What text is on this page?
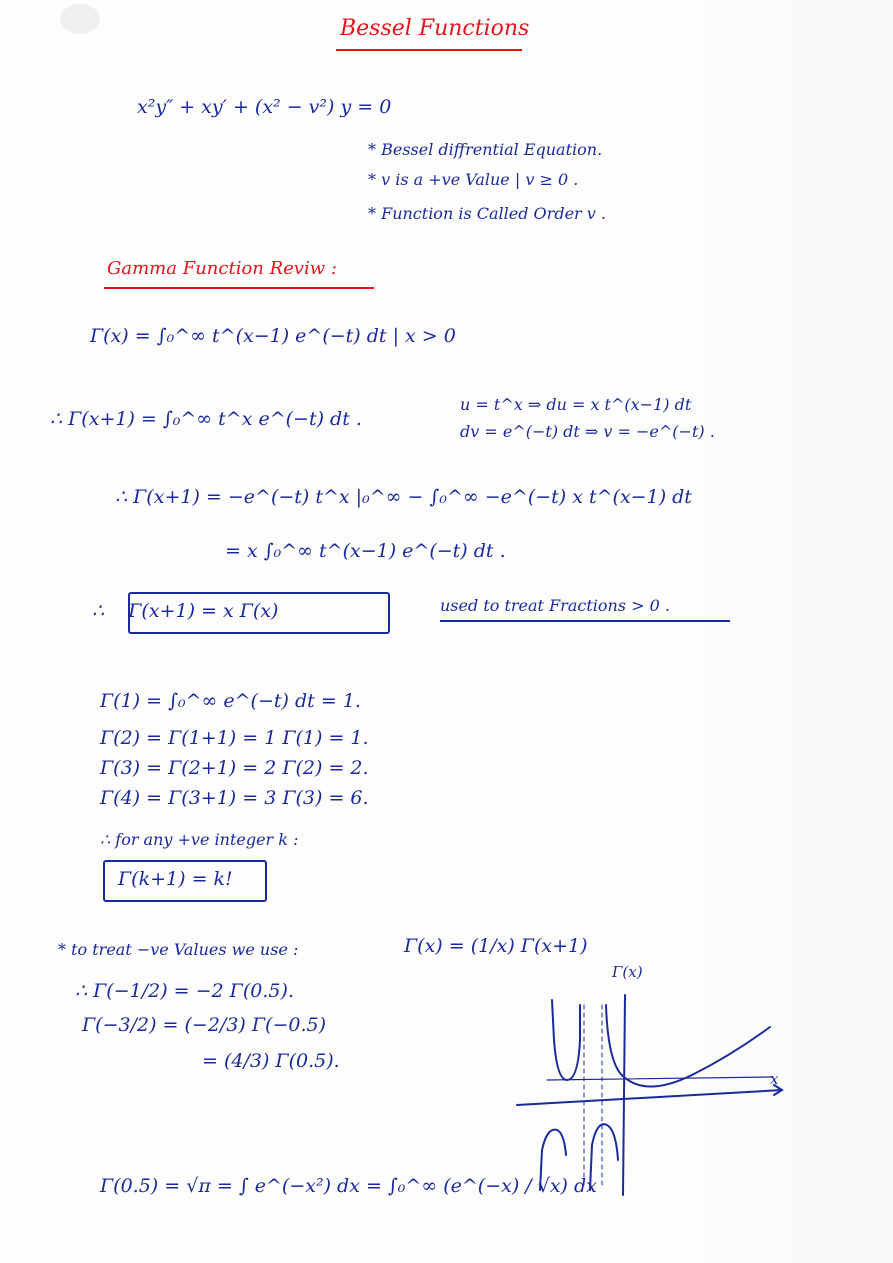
Bessel Functions
x²y″ + xy′ + (x² − v²) y = 0
* Bessel diffrential Equation.
* v is a +ve Value | v ≥ 0 .
* Function is Called Order v .
Gamma Function Reviw :
Γ(x) = ∫₀^∞ t^(x−1) e^(−t) dt | x > 0
∴ Γ(x+1) = ∫₀^∞ t^x e^(−t) dt .
u = t^x ⇒ du = x t^(x−1) dt
dv = e^(−t) dt ⇒ v = −e^(−t) .
∴ Γ(x+1) = −e^(−t) t^x |₀^∞ − ∫₀^∞ −e^(−t) x t^(x−1) dt
= x ∫₀^∞ t^(x−1) e^(−t) dt .
∴    Γ(x+1) = x Γ(x)	used to treat Fractions > 0 .
Γ(1) = ∫₀^∞ e^(−t) dt = 1.
Γ(2) = Γ(1+1) = 1 Γ(1) = 1.
Γ(3) = Γ(2+1) = 2 Γ(2) = 2.
Γ(4) = Γ(3+1) = 3 Γ(3) = 6.
∴ for any +ve integer k :
Γ(k+1) = k!
* to treat −ve Values we use :	Γ(x) = (1/x) Γ(x+1)
∴ Γ(−1/2) = −2 Γ(0.5).
Γ(−3/2) = (−2/3) Γ(−0.5)
= (4/3) Γ(0.5).
Γ(0.5) = √π = ∫ e^(−x²) dx = ∫₀^∞ (e^(−x) / √x) dx
Γ(x)
x
